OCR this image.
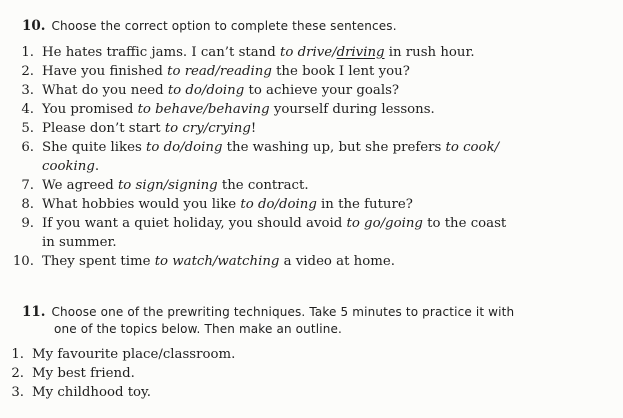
10. Choose the correct option to complete these sentences.
1. He hates traffic jams. I can’t stand to drive/driving in rush hour.
2. Have you finished to read/reading the book I lent you?
3. What do you need to do/doing to achieve your goals?
4. You promised to behave/behaving yourself during lessons.
5. Please don’t start to cry/crying!
6. She quite likes to do/doing the washing up, but she prefers to cook/
cooking.
7. We agreed to sign/signing the contract.
8. What hobbies would you like to do/doing in the future?
9. If you want a quiet holiday, you should avoid to go/going to the coast
in summer.
10. They spent time to watch/watching a video at home.
11. Choose one of the prewriting techniques. Take 5 minutes to practice it with
one of the topics below. Then make an outline.
1. My favourite place/classroom.
2. My best friend.
3. My childhood toy.
